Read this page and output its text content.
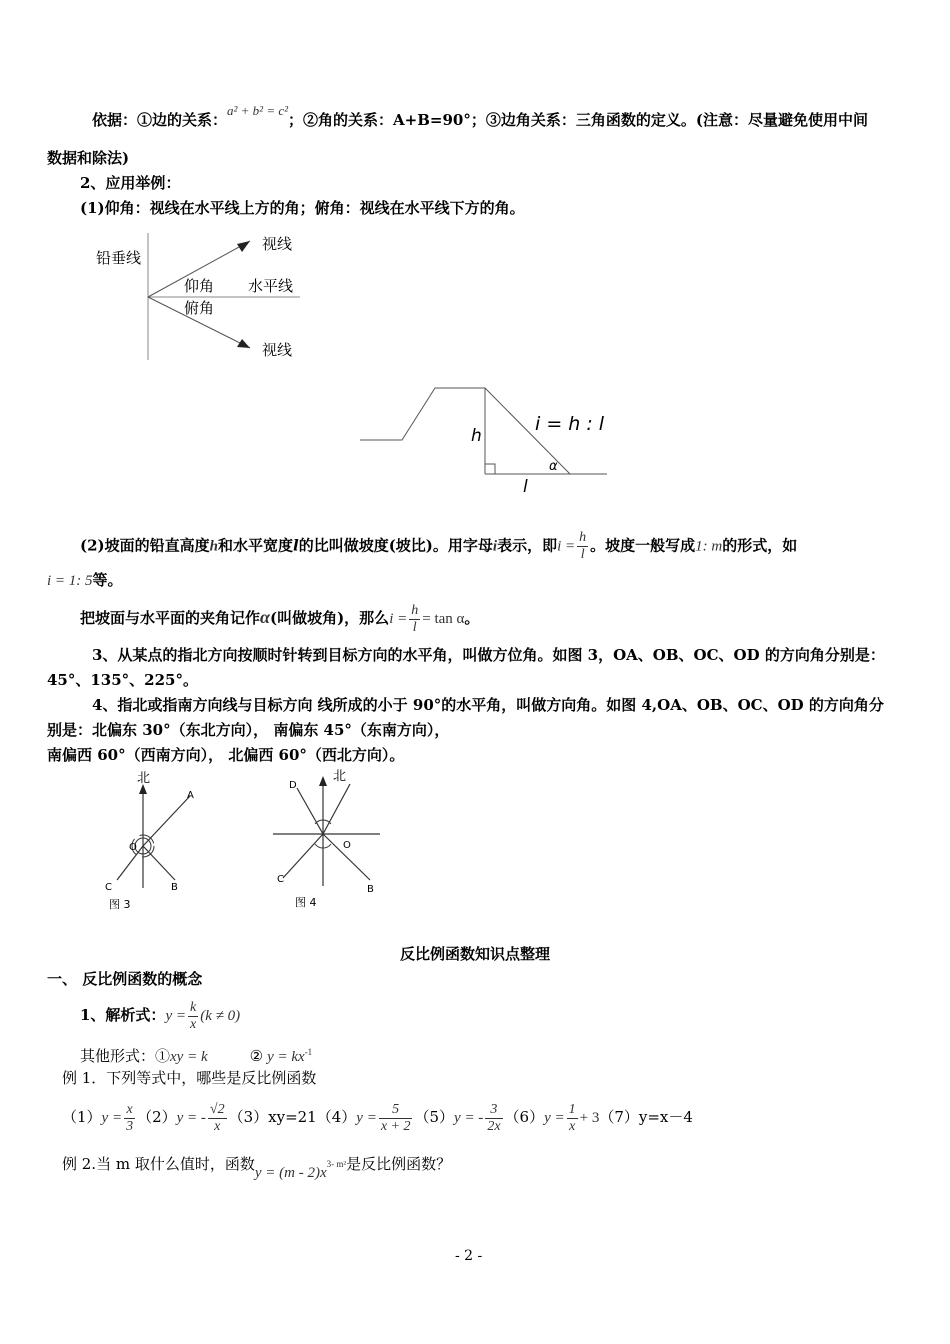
依据：①边的关系：a² + b² = c²；②角的关系：A+B=90°；③边角关系：三角函数的定义。(注意：尽量避免使用中间
数据和除法)
2、应用举例：
(1)仰角：视线在水平线上方的角；俯角：视线在水平线下方的角。
铅垂线
视线
仰角 水平线
俯角
视线
h
l
α
i = h : l
(2)坡面的铅直高度h和水平宽度l的比叫做坡度(坡比)。用字母i表示，即$i = \frac{h}{l}$ 。坡度一般写成1: m的形式，如
i = 1: 5等。
把坡面与水平面的夹角记作α(叫做坡角)，那么$i = \frac{h}{l} = \tan \alpha$。
3、从某点的指北方向按顺时针转到目标方向的水平角，叫做方位角。如图 3，OA、OB、OC、OD 的方向角分别是：
45°、135°、225°。
4、指北或指南方向线与目标方向 线所成的小于 90°的水平角，叫做方向角。如图 4,OA、OB、OC、OD 的方向角分
别是：北偏东 30°（东北方向）， 南偏东 45°（东南方向），
南偏西 60°（西南方向）， 北偏西 60°（西北方向）。
北
A
O
C	B
图 3
北
D
O
C
B
图 4
反比例函数知识点整理
一、 反比例函数的概念
1、解析式：$y = \frac{k}{x} (k \ne 0)$
其他形式：①xy = k	② $y = kx^{-1}$
例 1．下列等式中，哪些是反比例函数
$(1)y = \frac{x}{3} (2)y$ = - $\frac{√2}{x} (3)xy=21(4)y = \frac{5}{x + 2} (5)y$ = - $\frac{3}{2x} (6)y = \frac{1}{x} + 3(7)y=x-4$
例 2.当 m 取什么值时，函数$y = (m - 2)x^{3- m^2}$是反比例函数？
- 2 -
